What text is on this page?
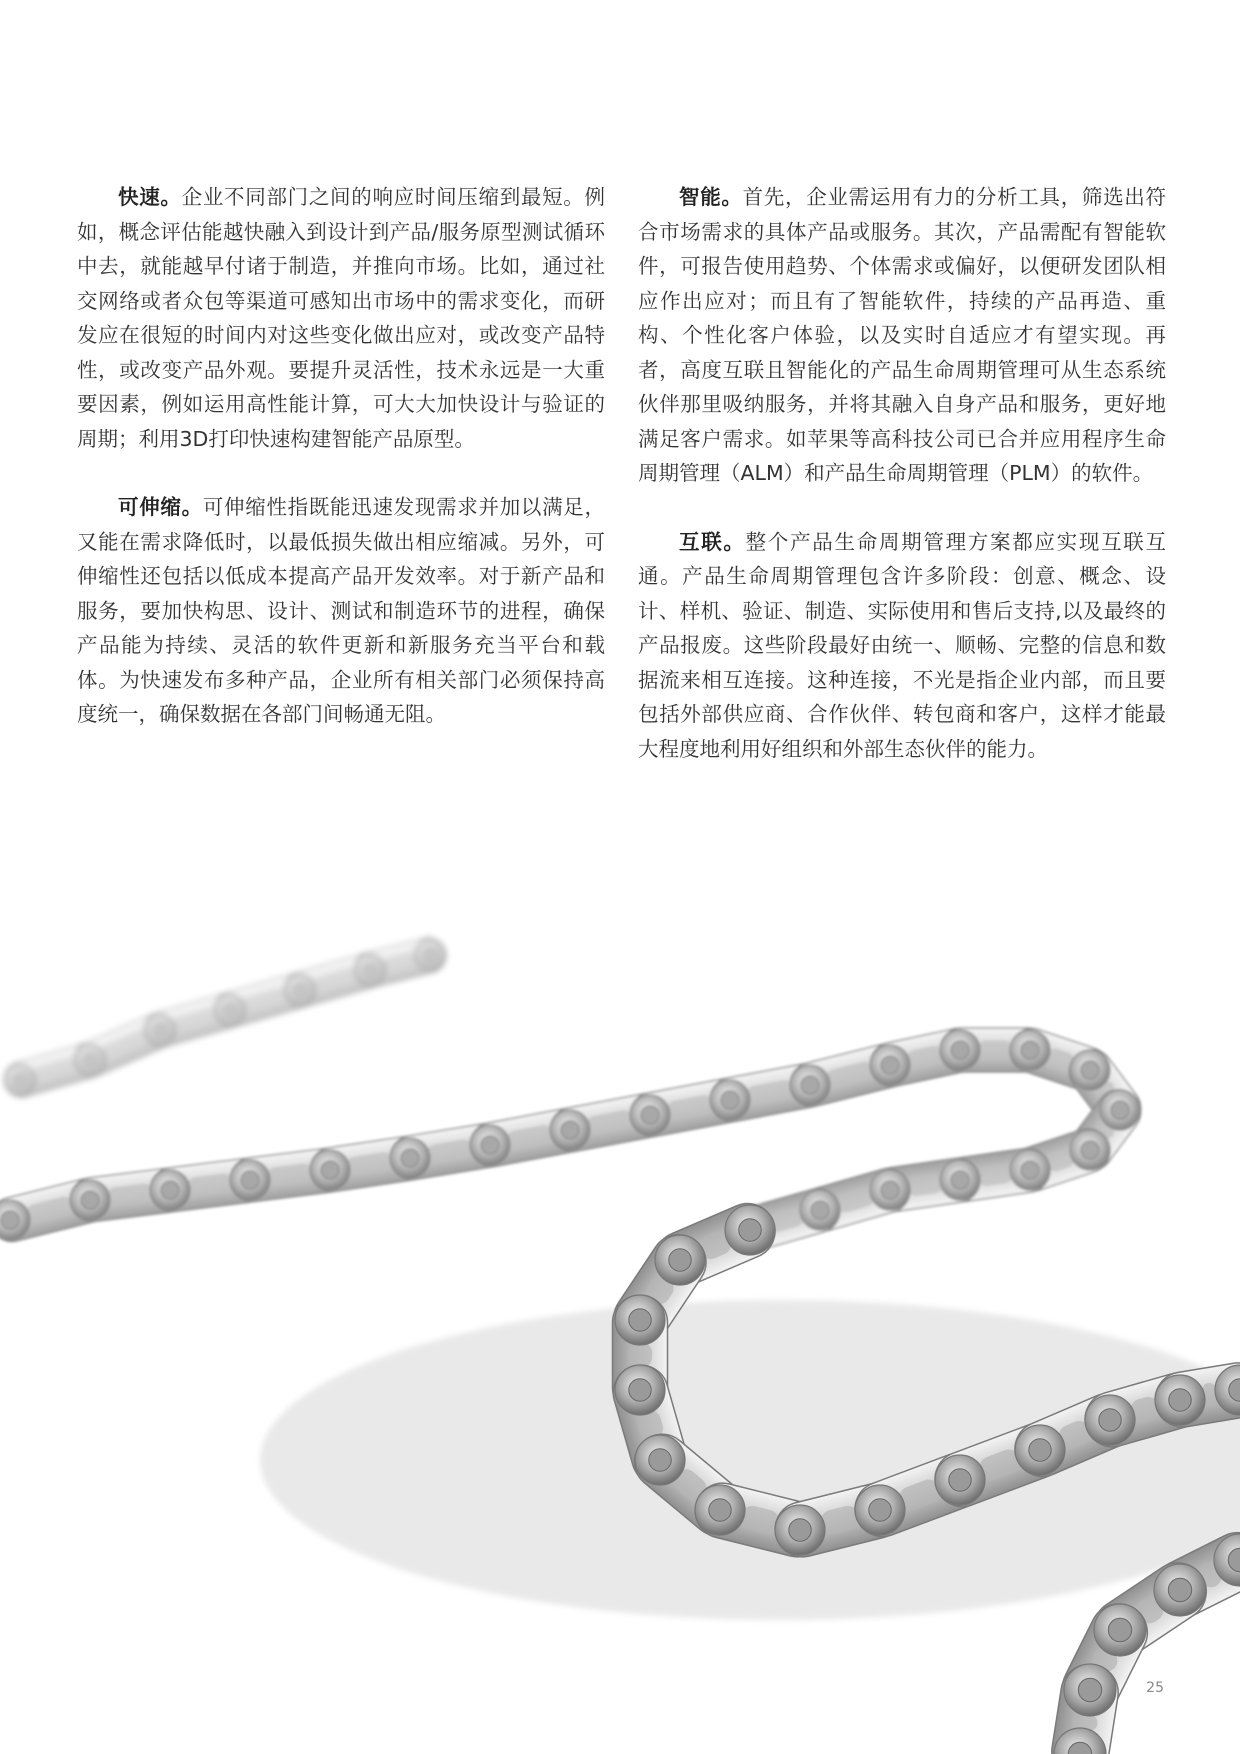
快速。企业不同部门之间的响应时间压缩到最短。例如，概念评估能越快融入到设计到产品/服务原型测试循环中去，就能越早付诸于制造，并推向市场。比如，通过社交网络或者众包等渠道可感知出市场中的需求变化，而研发应在很短的时间内对这些变化做出应对，或改变产品特性，或改变产品外观。要提升灵活性，技术永远是一大重要因素，例如运用高性能计算，可大大加快设计与验证的周期；利用3D打印快速构建智能产品原型。

可伸缩。可伸缩性指既能迅速发现需求并加以满足，又能在需求降低时，以最低损失做出相应缩减。另外，可伸缩性还包括以低成本提高产品开发效率。对于新产品和服务，要加快构思、设计、测试和制造环节的进程，确保产品能为持续、灵活的软件更新和新服务充当平台和载体。为快速发布多种产品，企业所有相关部门必须保持高度统一，确保数据在各部门间畅通无阻。

智能。首先，企业需运用有力的分析工具，筛选出符合市场需求的具体产品或服务。其次，产品需配有智能软件，可报告使用趋势、个体需求或偏好，以便研发团队相应作出应对；而且有了智能软件，持续的产品再造、重构、个性化客户体验，以及实时自适应才有望实现。再者，高度互联且智能化的产品生命周期管理可从生态系统伙伴那里吸纳服务，并将其融入自身产品和服务，更好地满足客户需求。如苹果等高科技公司已合并应用程序生命周期管理（ALM）和产品生命周期管理（PLM）的软件。

互联。整个产品生命周期管理方案都应实现互联互通。产品生命周期管理包含许多阶段：创意、概念、设计、样机、验证、制造、实际使用和售后支持,以及最终的产品报废。这些阶段最好由统一、顺畅、完整的信息和数据流来相互连接。这种连接，不光是指企业内部，而且要包括外部供应商、合作伙伴、转包商和客户，这样才能最大程度地利用好组织和外部生态伙伴的能力。

25
